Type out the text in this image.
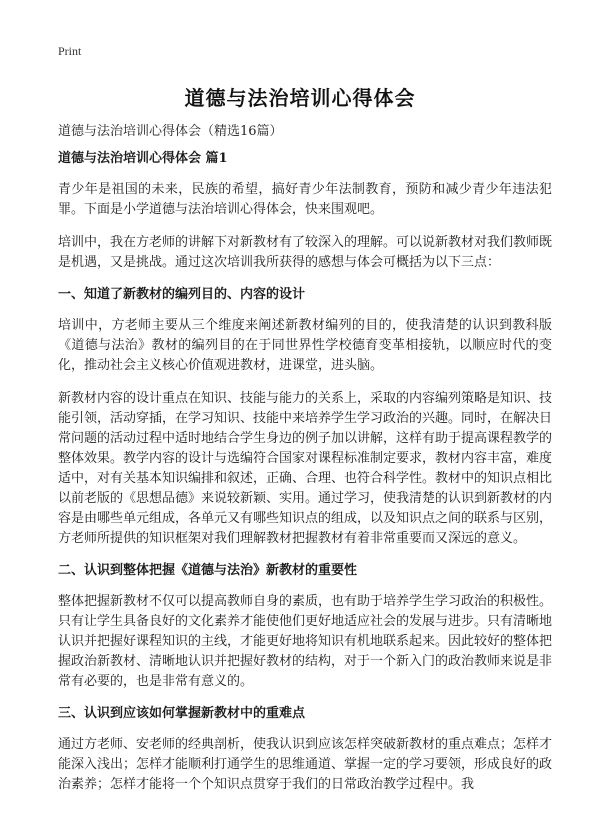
Print
道德与法治培训心得体会
道德与法治培训心得体会（精选16篇）
道德与法治培训心得体会 篇1

青少年是祖国的未来，民族的希望，搞好青少年法制教育，预防和减少青少年违法犯罪。下面是小学道德与法治培训心得体会，快来围观吧。

培训中，我在方老师的讲解下对新教材有了较深入的理解。可以说新教材对我们教师既是机遇，又是挑战。通过这次培训我所获得的感想与体会可概括为以下三点：

一、知道了新教材的编列目的、内容的设计

培训中，方老师主要从三个维度来阐述新教材编列的目的，使我清楚的认识到教科版《道德与法治》教材的编列目的在于同世界性学校德育变革相接轨，以顺应时代的变化，推动社会主义核心价值观进教材，进课堂，进头脑。

新教材内容的设计重点在知识、技能与能力的关系上，采取的内容编列策略是知识、技能引领，活动穿插，在学习知识、技能中来培养学生学习政治的兴趣。同时，在解决日常问题的活动过程中适时地结合学生身边的例子加以讲解，这样有助于提高课程教学的整体效果。教学内容的设计与选编符合国家对课程标准制定要求，教材内容丰富，难度适中，对有关基本知识编排和叙述，正确、合理、也符合科学性。教材中的知识点相比以前老版的《思想品德》来说较新颖、实用。通过学习，使我清楚的认识到新教材的内容是由哪些单元组成，各单元又有哪些知识点的组成，以及知识点之间的联系与区别，方老师所提供的知识框架对我们理解教材把握教材有着非常重要而又深远的意义。

二、认识到整体把握《道德与法治》新教材的重要性

整体把握新教材不仅可以提高教师自身的素质，也有助于培养学生学习政治的积极性。只有让学生具备良好的文化素养才能使他们更好地适应社会的发展与进步。只有清晰地认识并把握好课程知识的主线，才能更好地将知识有机地联系起来。因此较好的整体把握政治新教材、清晰地认识并把握好教材的结构，对于一个新入门的政治教师来说是非常有必要的，也是非常有意义的。

三、认识到应该如何掌握新教材中的重难点

通过方老师、安老师的经典剖析，使我认识到应该怎样突破新教材的重点难点；怎样才能深入浅出；怎样才能顺利打通学生的思维通道、掌握一定的学习要领，形成良好的政治素养；怎样才能将一个个知识点贯穿于我们的日常政治教学过程中。我
